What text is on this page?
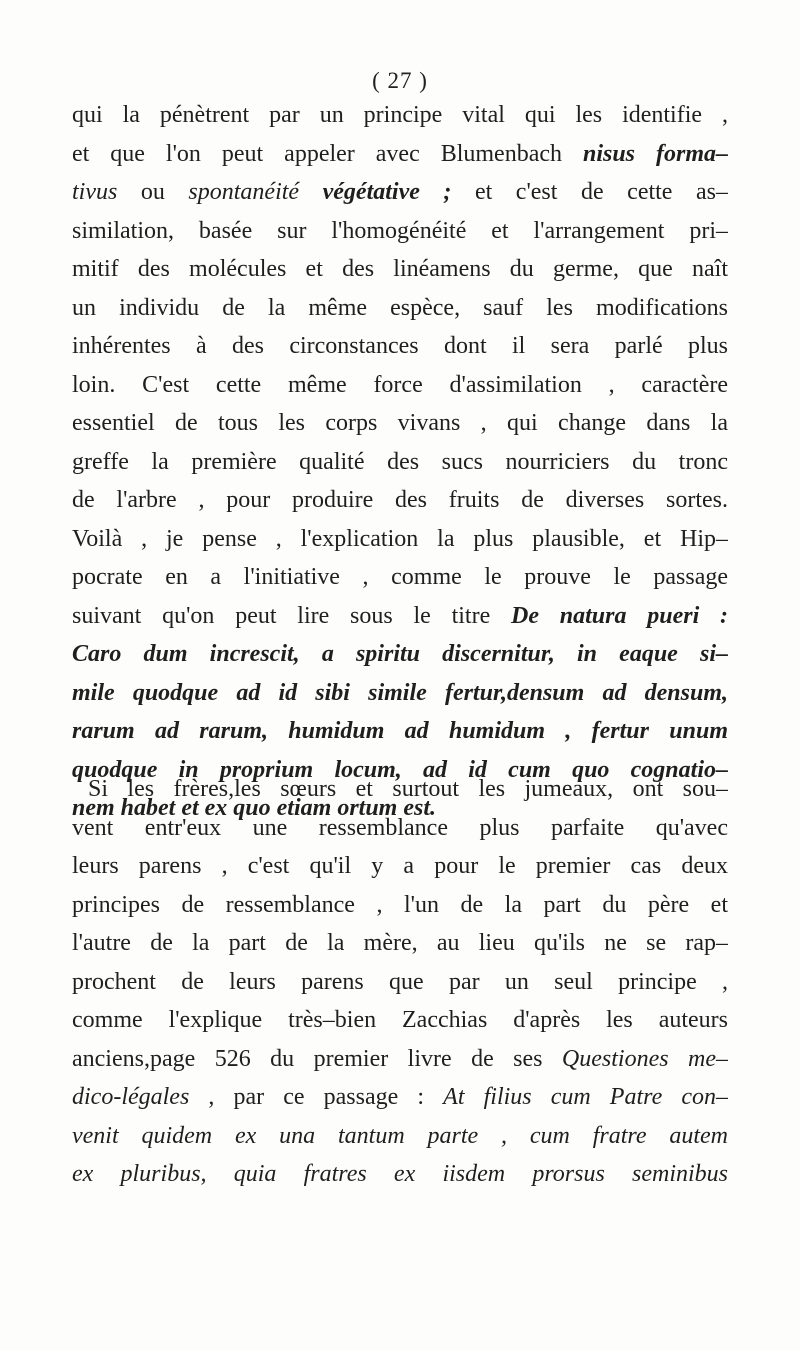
( 27 )
qui la pénètrent par un principe vital qui les identifie ,
et que l'on peut appeler avec Blumenbach nisus forma–
tivus ou spontanéité végétative ; et c'est de cette as–
similation, basée sur l'homogénéité et l'arrangement pri–
mitif des molécules et des linéamens du germe, que naît
un individu de la même espèce, sauf les modifications
inhérentes à des circonstances dont il sera parlé plus
loin. C'est cette même force d'assimilation , caractère
essentiel de tous les corps vivans , qui change dans la
greffe la première qualité des sucs nourriciers du tronc
de l'arbre , pour produire des fruits de diverses sortes.
Voilà , je pense , l'explication la plus plausible, et Hip–
pocrate en a l'initiative , comme le prouve le passage
suivant qu'on peut lire sous le titre De natura pueri :
Caro dum increscit, a spiritu discernitur, in eaque si–
mile quodque ad id sibi simile fertur,densum ad densum,
rarum ad rarum, humidum ad humidum , fertur unum
quodque in proprium locum, ad id cum quo cognatio–
nem habet et ex quo etiam ortum est.
Si les frères,les sœurs et surtout les jumeaux, ont sou–
vent entr'eux une ressemblance plus parfaite qu'avec
leurs parens , c'est qu'il y a pour le premier cas deux
principes de ressemblance , l'un de la part du père et
l'autre de la part de la mère, au lieu qu'ils ne se rap–
prochent de leurs parens que par un seul principe ,
comme l'explique très–bien Zacchias d'après les auteurs
anciens,page 526 du premier livre de ses Questiones me–
dico-légales , par ce passage : At filius cum Patre con–
venit quidem ex una tantum parte , cum fratre autem
ex pluribus, quia fratres ex iisdem prorsus seminibus
